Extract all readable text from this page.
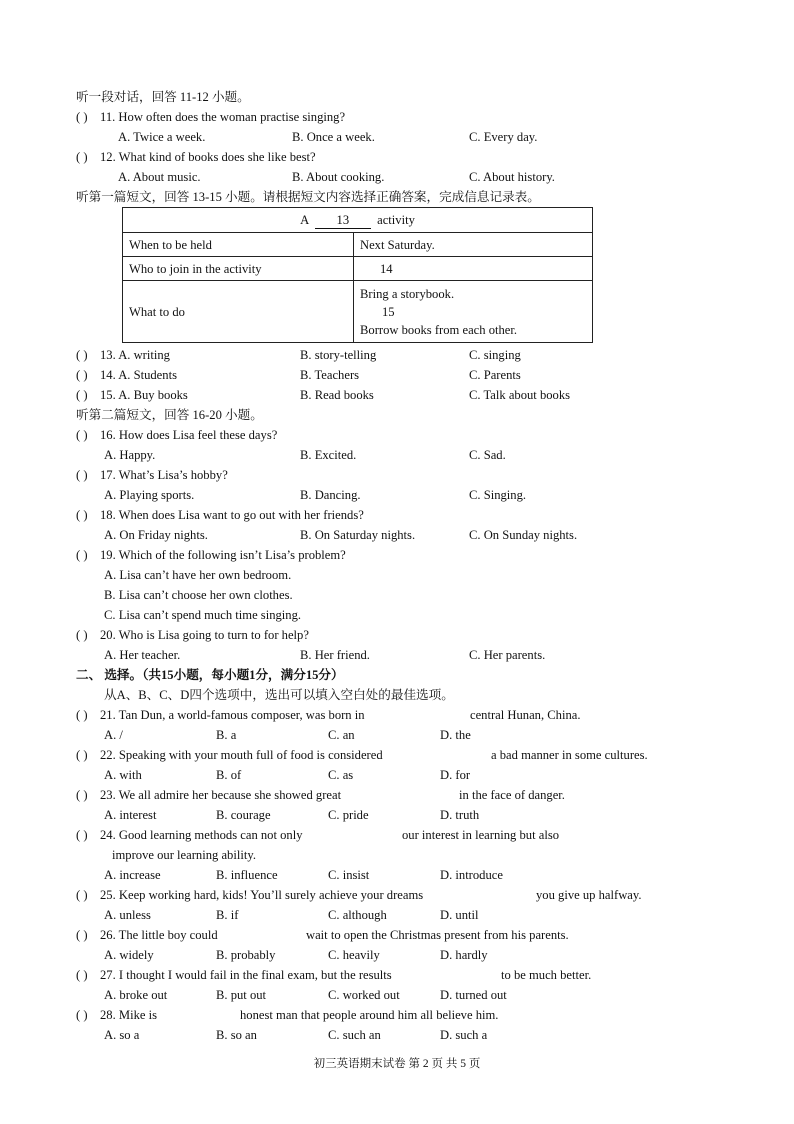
听一段对话，回答 11-12 小题。
( ) 11. How often does the woman practise singing?
A. Twice a week.	B. Once a week.	C. Every day.
( ) 12. What kind of books does she like best?
A. About music.	B. About cooking.	C. About history.
听第一篇短文，回答 13-15 小题。请根据短文内容选择正确答案，完成信息记录表。
A 13 activity	
When to be held	Next Saturday.
Who to join in the activity	14
What to do	Bring a storybook.
15
Borrow books from each other.
( ) 13. A. writing	B. story-telling	C. singing
( ) 14. A. Students	B. Teachers	C. Parents
( ) 15. A. Buy books	B. Read books	C. Talk about books
听第二篇短文，回答 16-20 小题。
( ) 16. How does Lisa feel these days?
A. Happy.	B. Excited.	C. Sad.
( ) 17. What’s Lisa’s hobby?
A. Playing sports.	B. Dancing.	C. Singing.
( ) 18. When does Lisa want to go out with her friends?
A. On Friday nights.	B. On Saturday nights.	C. On Sunday nights.
( ) 19. Which of the following isn’t Lisa’s problem?
A. Lisa can’t have her own bedroom.
B. Lisa can’t choose her own clothes.
C. Lisa can’t spend much time singing.
( ) 20. Who is Lisa going to turn to for help?
A. Her teacher.	B. Her friend.	C. Her parents.
二、 选择。（共15小题，每小题1分，满分15分）
从A、B、C、D四个选项中，选出可以填入空白处的最佳选项。
( ) 21. Tan Dun, a world-famous composer, was born in	central Hunan, China.
A. /	B. a	C. an	D. the
( ) 22. Speaking with your mouth full of food is considered	a bad manner in some cultures.
A. with	B. of	C. as	D. for
( ) 23. We all admire her because she showed great	in the face of danger.
A. interest	B. courage	C. pride	D. truth
( ) 24. Good learning methods can not only	our interest in learning but also
improve our learning ability.
A. increase	B. influence	C. insist	D. introduce
( ) 25. Keep working hard, kids! You’ll surely achieve your dreams	you give up halfway.
A. unless	B. if	C. although	D. until
( ) 26. The little boy could	wait to open the Christmas present from his parents.
A. widely	B. probably	C. heavily	D. hardly
( ) 27. I thought I would fail in the final exam, but the results	to be much better.
A. broke out	B. put out	C. worked out	D. turned out
( ) 28. Mike is	honest man that people around him all believe him.
A. so a	B. so an	C. such an	D. such a
初三英语期末试卷 第 2 页 共 5 页
